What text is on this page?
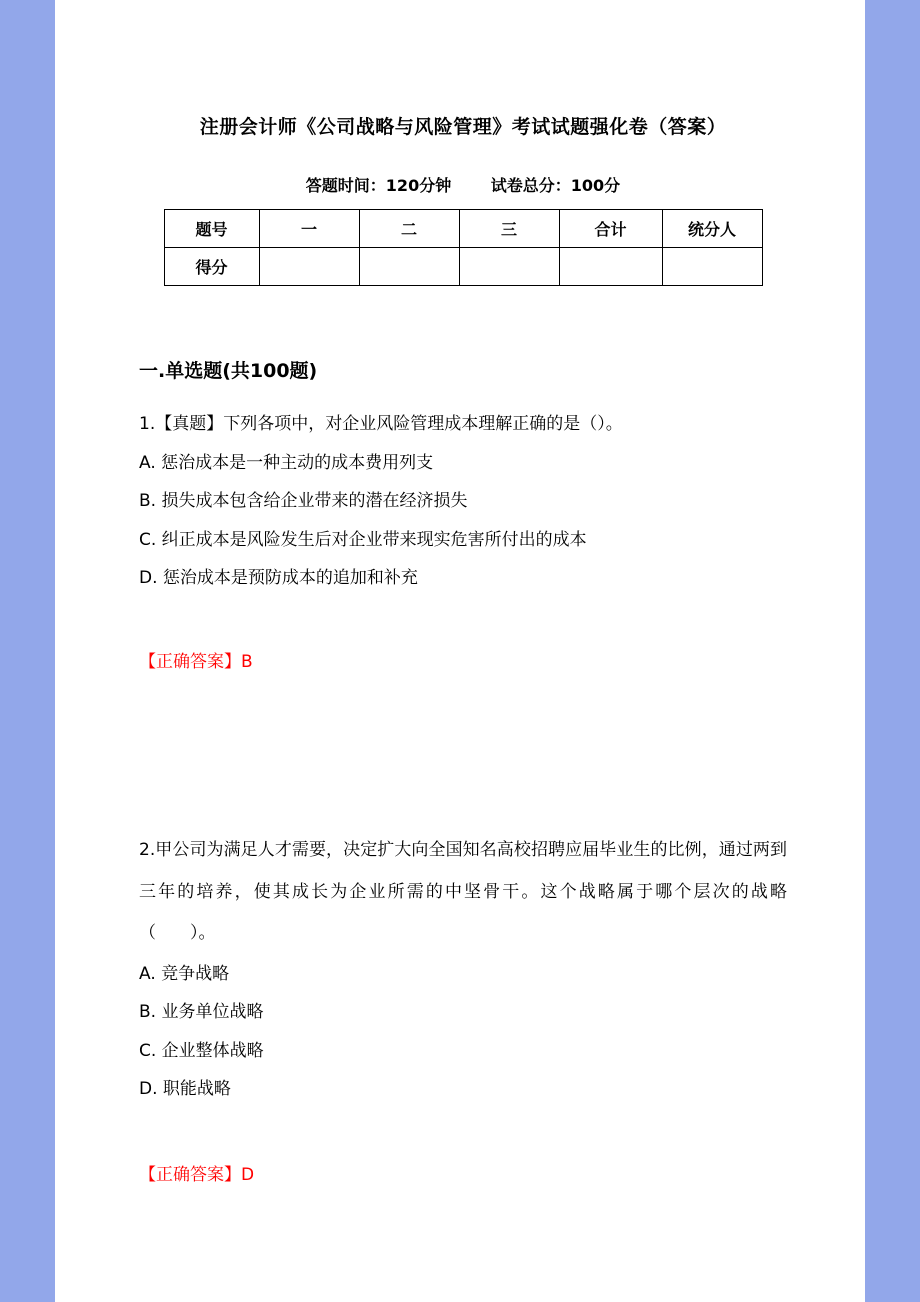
注册会计师《公司战略与风险管理》考试试题强化卷（答案）
答题时间：120分钟 试卷总分：100分
题号	一	二	三	合计	统分人
得分					
一.单选题(共100题)
1.【真题】下列各项中，对企业风险管理成本理解正确的是（）。
A. 惩治成本是一种主动的成本费用列支
B. 损失成本包含给企业带来的潜在经济损失
C. 纠正成本是风险发生后对企业带来现实危害所付出的成本
D. 惩治成本是预防成本的追加和补充
【正确答案】B
2.甲公司为满足人才需要，决定扩大向全国知名高校招聘应届毕业生的比例，通过两到三年的培养，使其成长为企业所需的中坚骨干。这个战略属于哪个层次的战略（　　）。
A. 竞争战略
B. 业务单位战略
C. 企业整体战略
D. 职能战略
【正确答案】D
